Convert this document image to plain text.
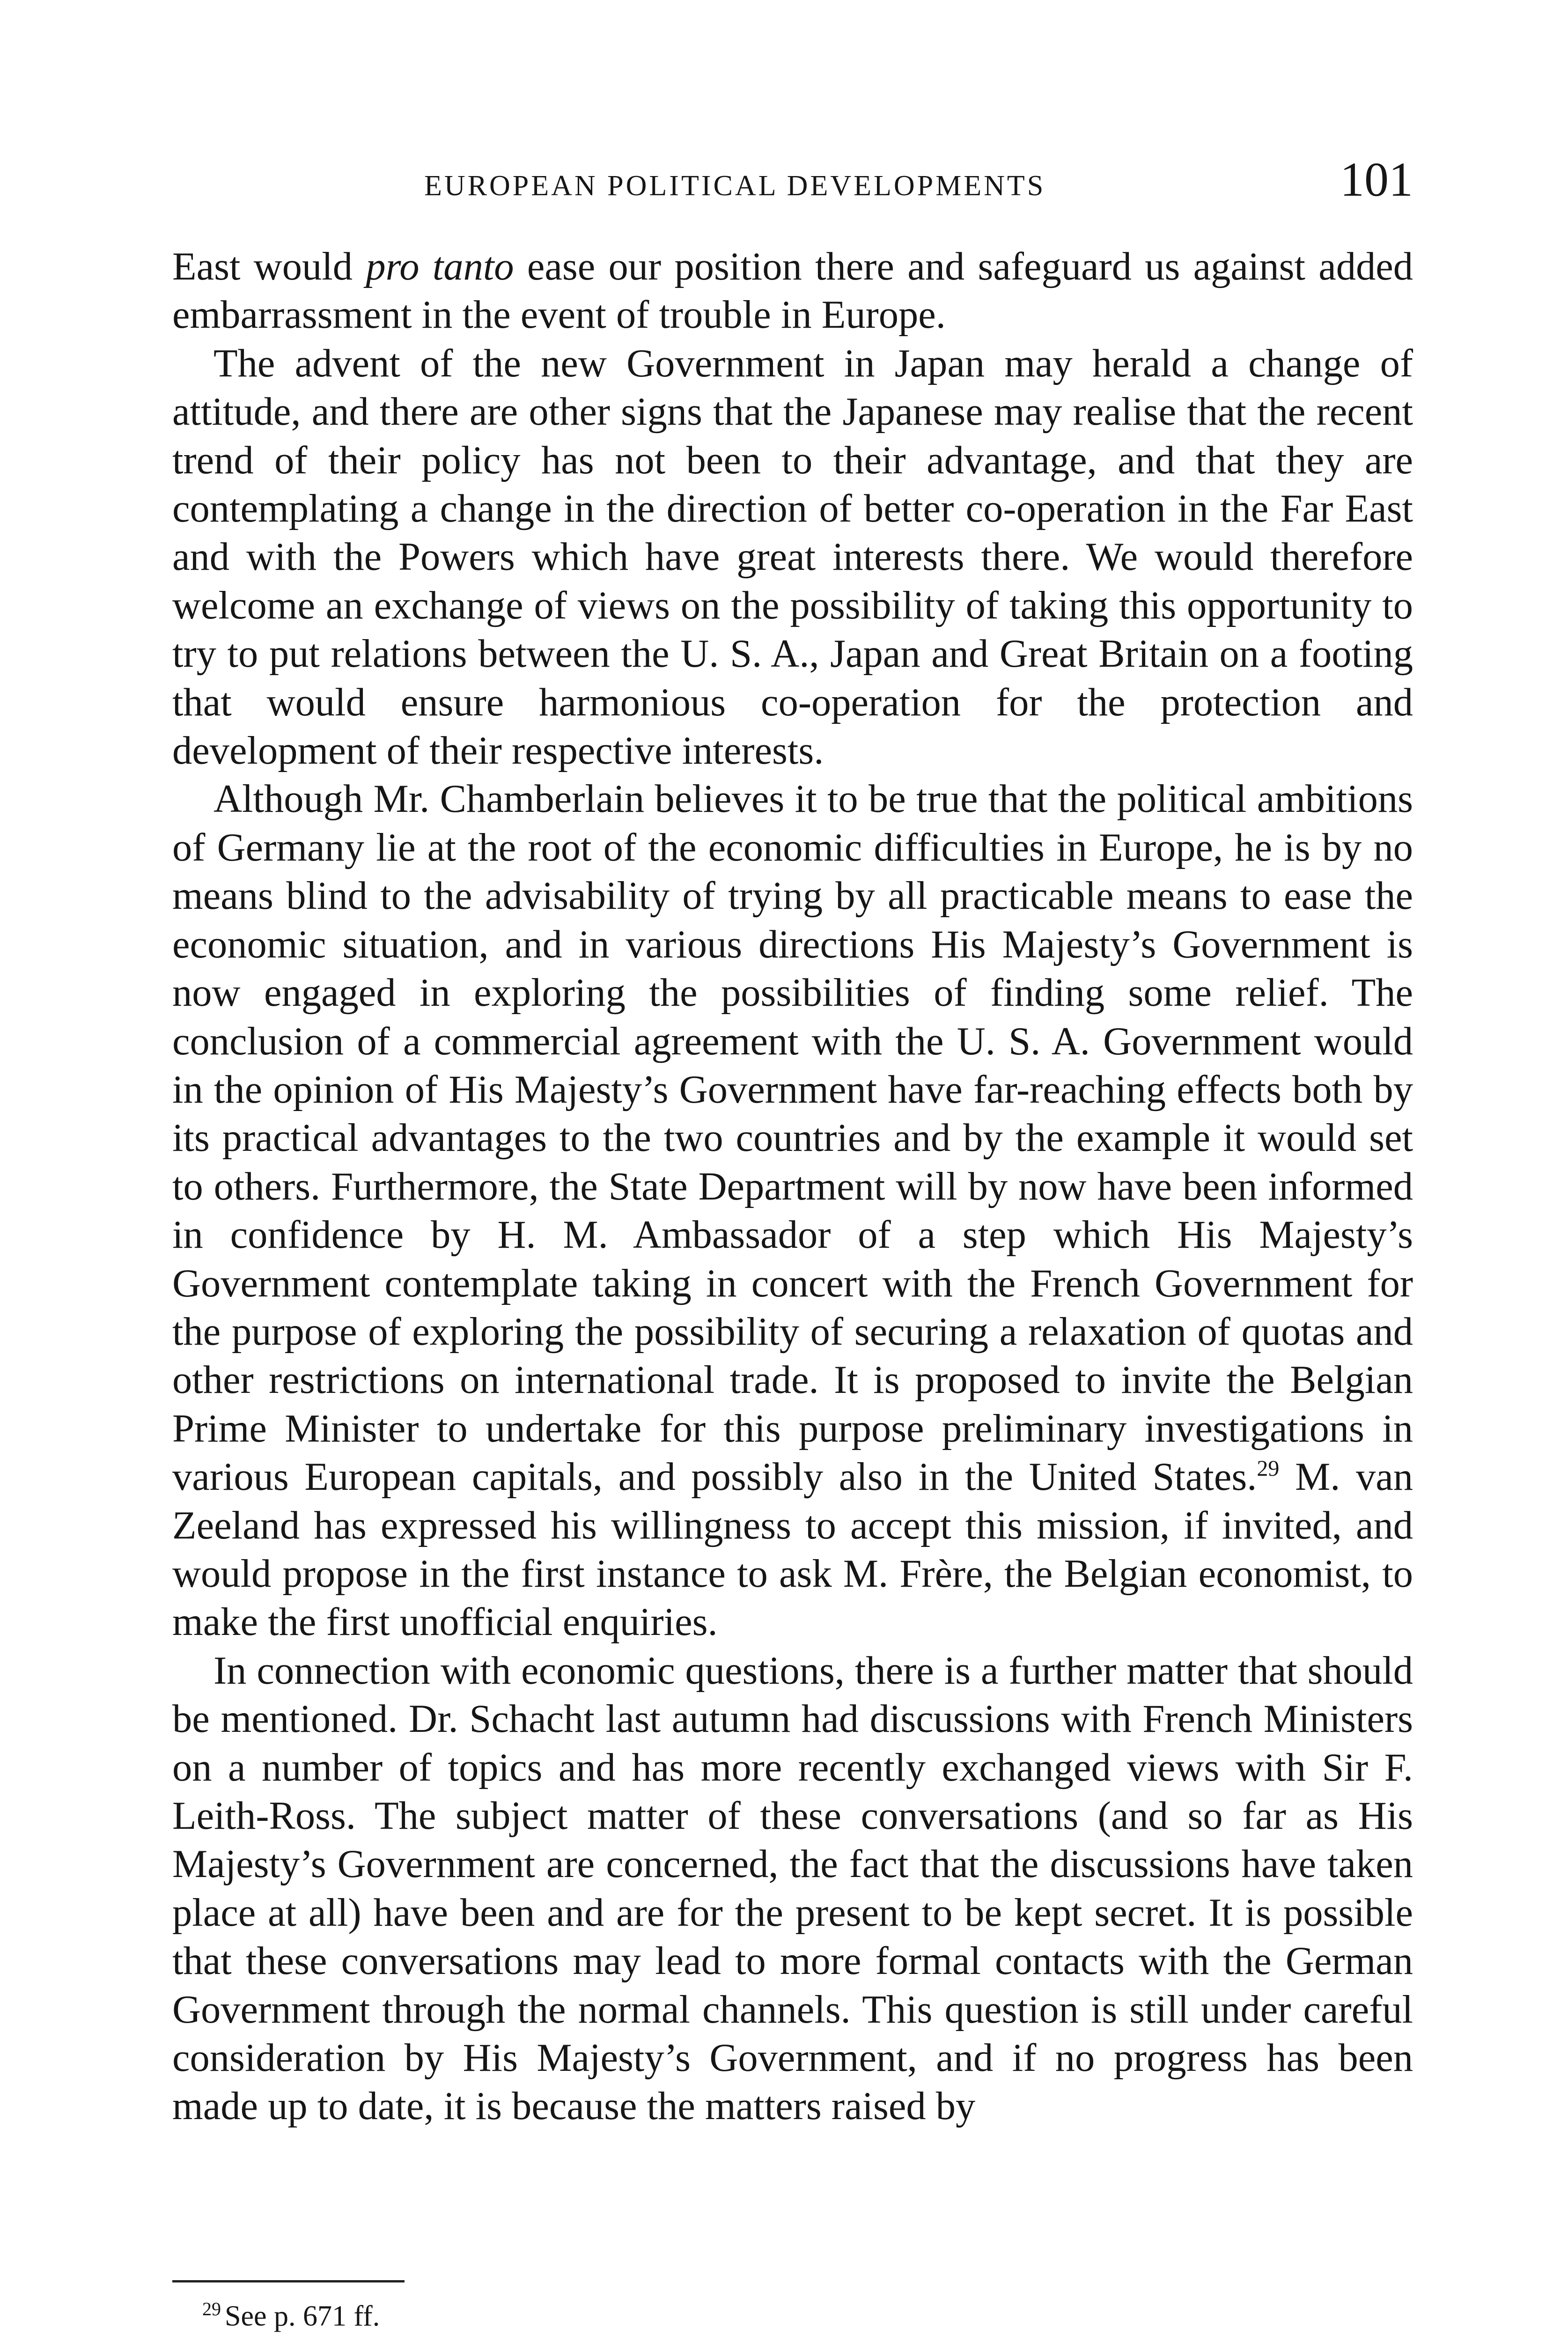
EUROPEAN POLITICAL DEVELOPMENTS	101

East would pro tanto ease our position there and safeguard us against added embarrassment in the event of trouble in Europe.

The advent of the new Government in Japan may herald a change of attitude, and there are other signs that the Japanese may realise that the recent trend of their policy has not been to their advantage, and that they are contemplating a change in the direction of better co-operation in the Far East and with the Powers which have great interests there. We would therefore welcome an exchange of views on the possibility of taking this opportunity to try to put relations between the U. S. A., Japan and Great Britain on a footing that would ensure harmonious co-operation for the protection and development of their respective interests.

Although Mr. Chamberlain believes it to be true that the political ambitions of Germany lie at the root of the economic difficulties in Europe, he is by no means blind to the advisability of trying by all practicable means to ease the economic situation, and in various directions His Majesty’s Government is now engaged in exploring the possibilities of finding some relief. The conclusion of a commercial agreement with the U. S. A. Government would in the opinion of His Majesty’s Government have far-reaching effects both by its practical advantages to the two countries and by the example it would set to others. Furthermore, the State Department will by now have been informed in confidence by H. M. Ambassador of a step which His Majesty’s Government contemplate taking in concert with the French Government for the purpose of exploring the possibility of securing a relaxation of quotas and other restrictions on international trade. It is proposed to invite the Belgian Prime Minister to undertake for this purpose preliminary investigations in various European capitals, and possibly also in the United States.$^{29}$ M. van Zeeland has expressed his willingness to accept this mission, if invited, and would propose in the first instance to ask M. Frère, the Belgian economist, to make the first unofficial enquiries.

In connection with economic questions, there is a further matter that should be mentioned. Dr. Schacht last autumn had discussions with French Ministers on a number of topics and has more recently exchanged views with Sir F. Leith-Ross. The subject matter of these conversations (and so far as His Majesty’s Government are concerned, the fact that the discussions have taken place at all) have been and are for the present to be kept secret. It is possible that these conversations may lead to more formal contacts with the German Government through the normal channels. This question is still under careful consideration by His Majesty’s Government, and if no progress has been made up to date, it is because the matters raised by

$^{29}$ See p. 671 ff.
